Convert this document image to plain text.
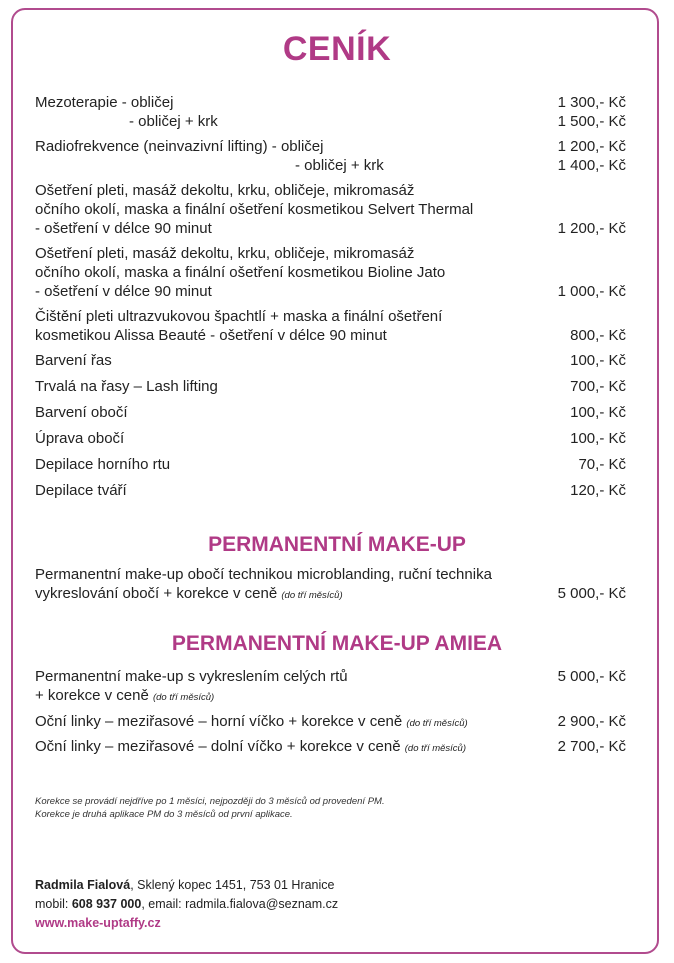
CENÍK
Mezoterapie - obličej	1 300,- Kč
- obličej + krk	1 500,- Kč
Radiofrekvence (neinvazivní lifting) - obličej	1 200,- Kč
- obličej + krk	1 400,- Kč
Ošetření pleti, masáž dekoltu, krku, obličeje, mikromasáž
očního okolí, maska a finální ošetření kosmetikou Selvert Thermal
- ošetření v délce 90 minut	1 200,- Kč
Ošetření pleti, masáž dekoltu, krku, obličeje, mikromasáž
očního okolí, maska a finální ošetření kosmetikou Bioline Jato
- ošetření v délce 90 minut	1 000,- Kč
Čištění pleti ultrazvukovou špachtlí + maska a finální ošetření
kosmetikou Alissa Beauté - ošetření v délce 90 minut	800,- Kč
Barvení řas	100,- Kč
Trvalá na řasy – Lash lifting	700,- Kč
Barvení obočí	100,- Kč
Úprava obočí	100,- Kč
Depilace horního rtu	70,- Kč
Depilace tváří	120,- Kč
PERMANENTNÍ MAKE-UP
Permanentní make-up obočí technikou microblanding, ruční technika
vykreslování obočí + korekce v ceně (do tří měsíců)	5 000,- Kč
PERMANENTNÍ MAKE-UP AMIEA
Permanentní make-up s vykreslením celých rtů	5 000,- Kč
+ korekce v ceně (do tří měsíců)
Oční linky – meziřasové – horní víčko + korekce v ceně (do tří měsíců)	2 900,- Kč
Oční linky – meziřasové – dolní víčko + korekce v ceně (do tří měsíců)	2 700,- Kč
Korekce se provádí nejdříve po 1 měsíci, nejpozději do 3 měsíců od provedení PM.
Korekce je druhá aplikace PM do 3 měsíců od první aplikace.
Radmila Fialová, Sklený kopec 1451, 753 01 Hranice
mobil: 608 937 000, email: radmila.fialova@seznam.cz
www.make-uptaffy.cz
